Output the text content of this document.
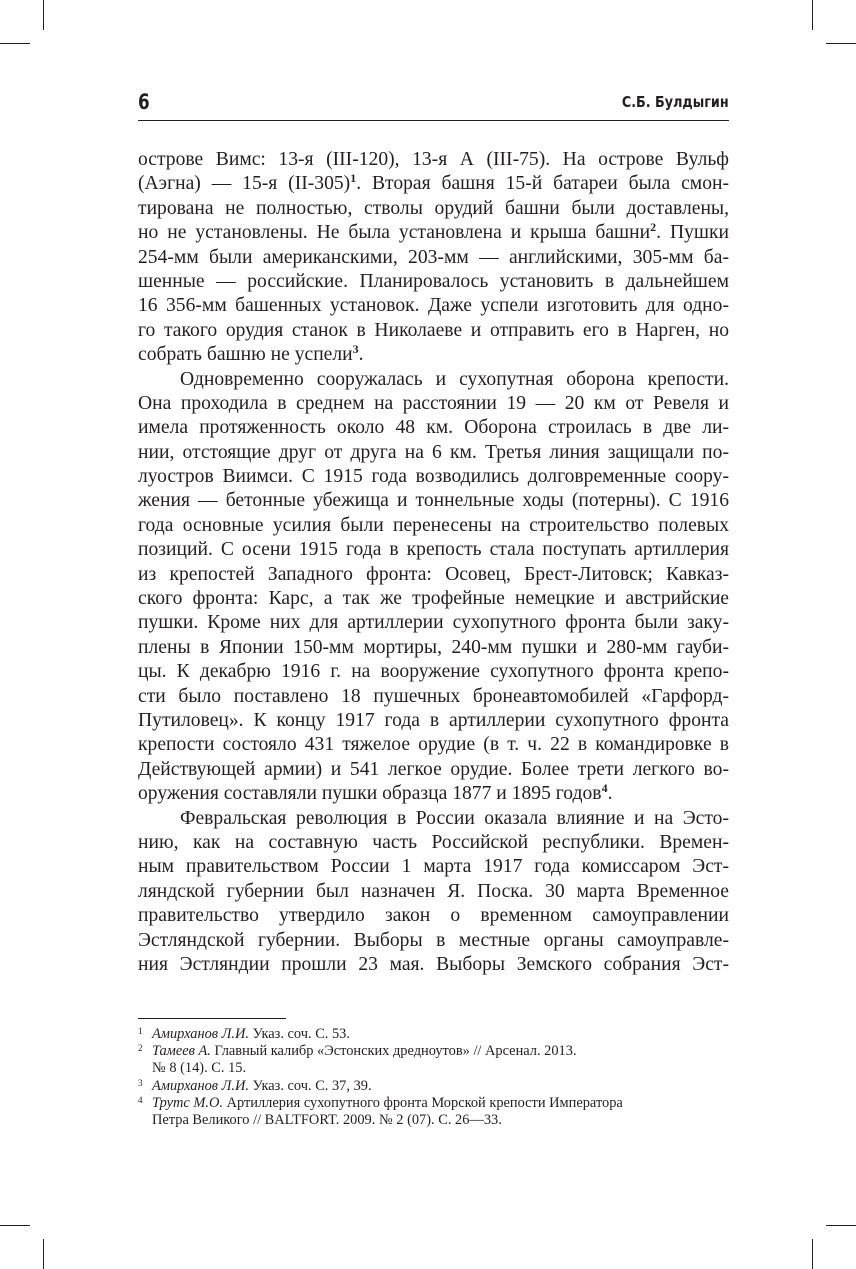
6	С.Б. Булдыгин
острове Вимс: 13-я (III-120), 13-я А (III-75). На острове Вульф
(Аэгна) — 15-я $(II-305)^1$. Вторая башня 15-й батареи была смон-
тирована не полностью, стволы орудий башни были доставлены,
но не установлены. Не была установлена и крыша башни$^2$. Пушки
254-мм были американскими, 203-мм — английскими, 305-мм ба-
шенные — российские. Планировалось установить в дальнейшем
16 356-мм башенных установок. Даже успели изготовить для одно-
го такого орудия станок в Николаеве и отправить его в Нарген, но
собрать башню не успели$^3$.
Одновременно сооружалась и сухопутная оборона крепости.
Она проходила в среднем на расстоянии 19 — 20 км от Ревеля и
имела протяженность около 48 км. Оборона строилась в две ли-
нии, отстоящие друг от друга на 6 км. Третья линия защищали по-
луостров Виимси. С 1915 года возводились долговременные соору-
жения — бетонные убежища и тоннельные ходы (потерны). С 1916
года основные усилия были перенесены на строительство полевых
позиций. С осени 1915 года в крепость стала поступать артиллерия
из крепостей Западного фронта: Осовец, Брест-Литовск; Кавказ-
ского фронта: Карс, а так же трофейные немецкие и австрийские
пушки. Кроме них для артиллерии сухопутного фронта были заку-
плены в Японии 150-мм мортиры, 240-мм пушки и 280-мм гауби-
цы. К декабрю 1916 г. на вооружение сухопутного фронта крепо-
сти было поставлено 18 пушечных бронеавтомобилей «Гарфорд-
Путиловец». К концу 1917 года в артиллерии сухопутного фронта
крепости состояло 431 тяжелое орудие (в т. ч. 22 в командировке в
Действующей армии) и 541 легкое орудие. Более трети легкого во-
оружения составляли пушки образца 1877 и 1895 годов$^4$.
Февральская революция в России оказала влияние и на Эсто-
нию, как на составную часть Российской республики. Времен-
ным правительством России 1 марта 1917 года комиссаром Эст-
ляндской губернии был назначен Я. Поска. 30 марта Временное
правительство утвердило закон о временном самоуправлении
Эстляндской губернии. Выборы в местные органы самоуправле-
ния Эстляндии прошли 23 мая. Выборы Земского собрания Эст-
1 Амирханов Л.И. Указ. соч. С. 53.
2 Тамеев А. Главный калибр «Эстонских дредноутов» // Арсенал. 2013.
№ 8 (14). С. 15.
3 Амирханов Л.И. Указ. соч. С. 37, 39.
4 Трутс М.О. Артиллерия сухопутного фронта Морской крепости Императора
Петра Великого // BALTFORT. 2009. № 2 (07). С. 26—33.
